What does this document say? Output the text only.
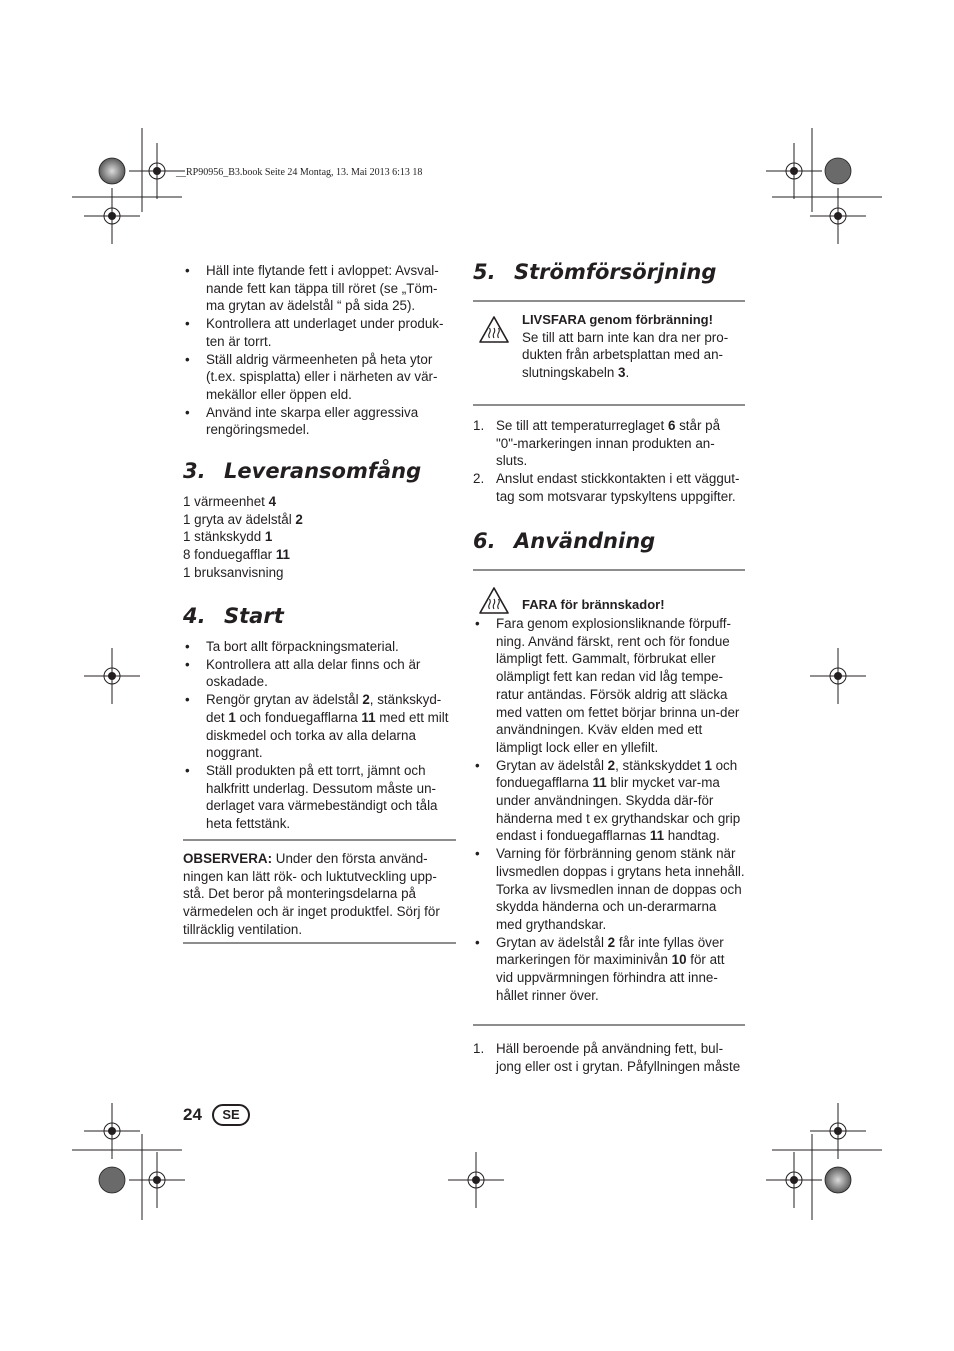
__RP90956_B3.book Seite 24 Montag, 13. Mai 2013 6:13 18
• Häll inte flytande fett i avloppet: Avsval-nande fett kan täppa till röret (se „Töm-ma grytan av ädelstål “ på sida 25).
• Kontrollera att underlaget under produk-ten är torrt.
• Ställ aldrig värmeenheten på heta ytor (t.ex. spisplatta) eller i närheten av vär-mekällor eller öppen eld.
• Använd inte skarpa eller aggressiva rengöringsmedel.
3. Leveransomfång

1 värmeenhet 4

1 gryta av ädelstål 2

1 stänkskydd 1

8 fonduegafflar 11

1 bruksanvisning

4. Start
• Ta bort allt förpackningsmaterial.
• Kontrollera att alla delar finns och är oskadade.
• Rengör grytan av ädelstål 2, stänkskyd-det 1 och fonduegafflarna 11 med ett milt diskmedel och torka av alla delarna noggrant.
• Ställ produkten på ett torrt, jämnt och halkfritt underlag. Dessutom måste un-derlaget vara värmebeständigt och tåla heta fettstänk.

OBSERVERA: Under den första använd-ningen kan lätt rök- och luktutveckling upp-stå. Det beror på monteringsdelarna på värmedelen och är inget produktfel. Sörj för tillräcklig ventilation.

5. Strömförsörjning
LIVSFARA genom förbränning!
Se till att barn inte kan dra ner pro-dukten från arbetsplattan med an-slutningskabeln 3.
1. Se till att temperaturreglaget 6 står på "0"-markeringen innan produkten an-sluts.
2. Anslut endast stickkontakten i ett väggut-tag som motsvarar typskyltens uppgifter.
6. Användning
FARA för brännskador!
• Fara genom explosionsliknande förpuff-ning. Använd färskt, rent och för fondue lämpligt fett. Gammalt, förbrukat eller olämpligt fett kan redan vid låg tempe-ratur antändas. Försök aldrig att släcka med vatten om fettet börjar brinna un-der användningen. Kväv elden med ett lämpligt lock eller en yllefilt.
• Grytan av ädelstål 2, stänkskyddet 1 och fonduegafflarna 11 blir mycket var-ma under användningen. Skydda där-för händerna med t ex grythandskar och grip endast i fonduegafflarnas 11 handtag.
• Varning för förbränning genom stänk när livsmedlen doppas i grytans heta innehåll. Torka av livsmedlen innan de doppas och skydda händerna och un-derarmarna med grythandskar.
• Grytan av ädelstål 2 får inte fyllas över markeringen för maximinivån 10 för att vid uppvärmningen förhindra att inne-hållet rinner över.
1. Häll beroende på användning fett, bul-jong eller ost i grytan. Påfyllningen måste
24	SE
